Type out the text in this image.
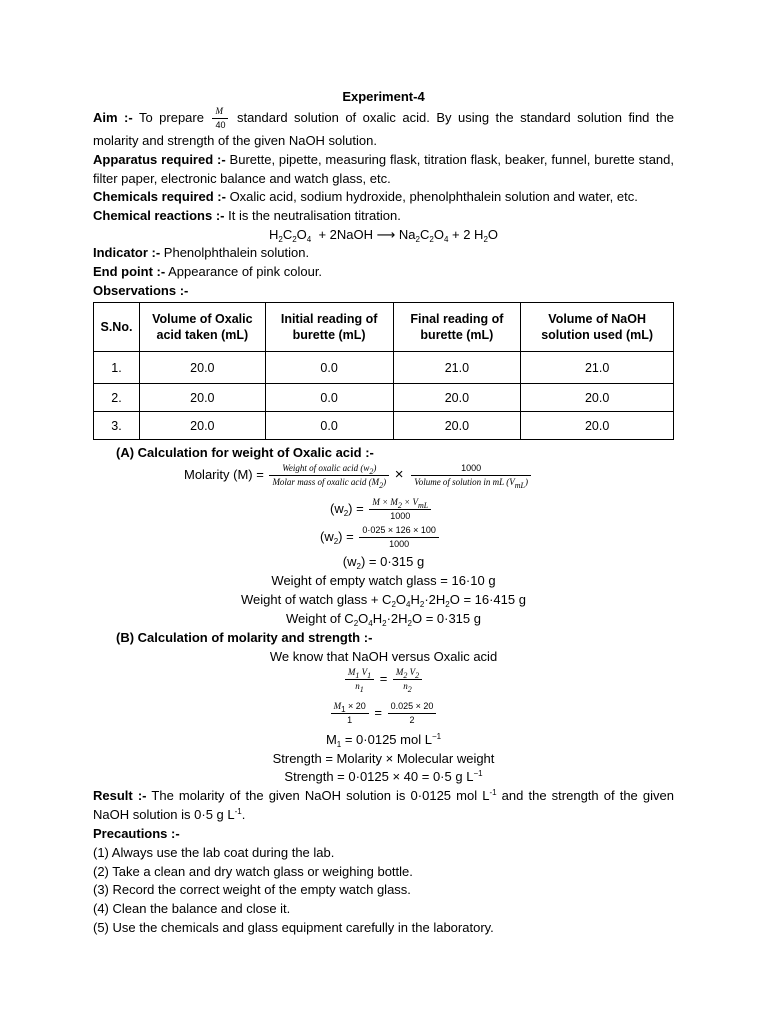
Experiment-4
Aim :- To prepare $\frac{M}{40}$ standard solution of oxalic acid. By using the standard solution find the
molarity and strength of the given NaOH solution.
Apparatus required :- Burette, pipette, measuring flask, titration flask, beaker, funnel, burette stand,
filter paper, electronic balance and watch glass, etc.
Chemicals required :- Oxalic acid, sodium hydroxide, phenolphthalein solution and water, etc.
Chemical reactions :- It is the neutralisation titration.
$H_2C_2O_4$  + 2NaOH ⟶ $Na_2C_2O_4 + 2$ $H_2O$
Indicator :- Phenolphthalein solution.
End point :- Appearance of pink colour.
Observations :-
S.No.	Volume of Oxalic acid taken (mL)	Initial reading of burette (mL)	Final reading of burette (mL)	Volume of NaOH solution used (mL)
1.	20.0	0.0	21.0	21.0
2.	20.0	0.0	20.0	20.0
3.	20.0	0.0	20.0	20.0
(A) Calculation for weight of Oxalic acid :-
Molarity $(M) = \frac{Weight of oxalic acid (w_2)}{Molar mass of oxalic acid (M_2)} \times \frac{1000}{Volume of solution in mL (V_{mL})}$
$(w_2) = \frac{M \times M_2 \times V_{mL}}{1000}$
$(w_2) = \frac{0\cdot 025 \times 126 \times 100}{1000}$
$(w_2) = 0\cdot 315$ g
Weight of empty watch glass = 16·10 g
Weight of watch glass + $C_2O_4H_2\cdot 2H_2O = 16\cdot 415$ g
Weight of $C_2O_4H_2\cdot 2H_2O = 0\cdot 315$ g
(B) Calculation of molarity and strength :-
We know that NaOH versus Oxalic acid
$\frac{M_1 V_1}{n_1} = \frac{M_2 V_2}{n_2}$
$\frac{M_1 \times 20}{1} = \frac{0.025 \times 20}{2}$
$M_1 = 0\cdot 0125$ mol $L^{-1}$
Strength = Molarity × Molecular weight
Strength = 0·0125 × 40 = 0·5 g $L^{-1}$
Result :- The molarity of the given NaOH solution is 0·0125 mol $L^{-1}$ and the strength of the given
NaOH solution is 0·5 g $L^{-1}$.
Precautions :-
(1) Always use the lab coat during the lab.
(2) Take a clean and dry watch glass or weighing bottle.
(3) Record the correct weight of the empty watch glass.
(4) Clean the balance and close it.
(5) Use the chemicals and glass equipment carefully in the laboratory.
